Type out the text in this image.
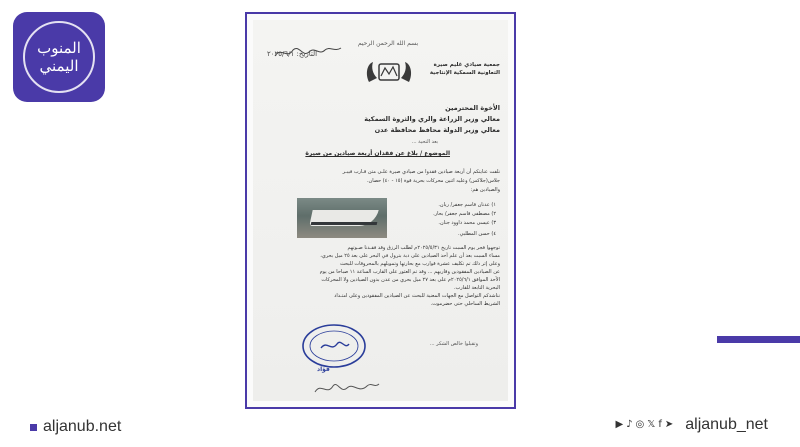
المنوب
اليمني
بسم الله الرحمن الرحيم
التاريخ: ٢٠٢٥/٦/١
جمعية صيادي غليم صيرة
التعاونية السمكية الإنتاجية
الأخوة المحترمين
معالي وزير الزراعة والري والثروة السمكية
معالي وزير الدولة محافظ محافظة عدن
بعد التحية ...
الموضوع / بلاغ عن فقدان أربعة صيادين من صيرة
نلفت عنايتكم أن أربعة صيادين فقدوا من صيادي صيرة علـى متن قـارب فيبـر
جلاس(جلاكس) وعليه اثنين محركات بحرية قوة (١٥ - ٤٠) حصان.
والصيادين هم:
١) عدنان قاسم جعفر/ ربان.
٢) مصطفى قاسم جعفر/ بحار.
٣) عيسى محمد داوود جنان.
٤) حسن المطلبي.
توجهوا فجر يوم السبت تاريخ ٢٠٢٥/٥/٣١م لطلب الرزق وقد فقـدنا صـوتهم
مساء السبت بعد أن علم أحد الصيادين على دبة بترول في البحر على بعد ٢٥ ميل بحري،
وعلى إثر ذلك تم تكليف عشرة قوارب مع بحارتها وتمويلهم بالمحروقات للبحث
عن الصيادين المفقودين وقاربهم ... وقد تم العثور على القارب الساعة ١١ صباحا من يوم
الأحد الموافق ٢٠٢٥/٦/١م على بعد ٢٧ ميل بحري من عدن بدون الصيادين ولا المحركات
البحرية التابعة للقارب.
نناشدكم التواصل مع الجهات المعنية للبحث عن الصيادين المفقودين وعلى امتـداد
الشريط الساحلي حتى حضرموت.
وتقبلوا خالص الشكر ...
فؤاد
aljanub.net	▶ ♪ ◎ 𝕏 f ➤ aljanub_net
